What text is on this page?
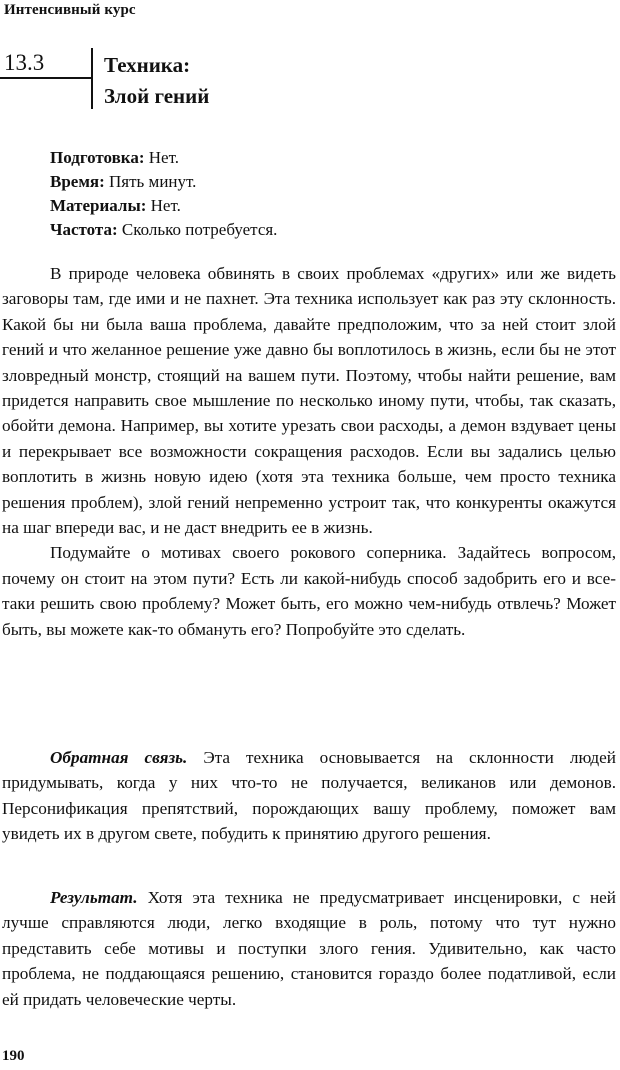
Интенсивный курс
13.3	Техника:
Злой гений
Подготовка: Нет.
Время: Пять минут.
Материалы: Нет.
Частота: Сколько потребуется.

В природе человека обвинять в своих проблемах «других» или же видеть заговоры там, где ими и не пахнет. Эта техника использует как раз эту склонность. Какой бы ни была ваша проблема, давайте предположим, что за ней стоит злой гений и что желанное решение уже давно бы воплотилось в жизнь, если бы не этот зловредный монстр, стоящий на вашем пути. Поэтому, чтобы найти решение, вам придется направить свое мышление по несколько иному пути, чтобы, так сказать, обойти демона. Например, вы хотите урезать свои расходы, а демон вздувает цены и перекрывает все возможности сокращения расходов. Если вы задались целью воплотить в жизнь новую идею (хотя эта техника больше, чем просто техника решения проблем), злой гений непременно устроит так, что конкуренты окажутся на шаг впереди вас, и не даст внедрить ее в жизнь.

Подумайте о мотивах своего рокового соперника. Задайтесь вопросом, почему он стоит на этом пути? Есть ли какой-нибудь способ задобрить его и все-таки решить свою проблему? Может быть, его можно чем-нибудь отвлечь? Может быть, вы можете как-то обмануть его? Попробуйте это сделать.

Обратная связь. Эта техника основывается на склонности людей придумывать, когда у них что-то не получается, великанов или демонов. Персонификация препятствий, порождающих вашу проблему, поможет вам увидеть их в другом свете, побудить к принятию другого решения.

Результат. Хотя эта техника не предусматривает инсценировки, с ней лучше справляются люди, легко входящие в роль, потому что тут нужно представить себе мотивы и поступки злого гения. Удивительно, как часто проблема, не поддающаяся решению, становится гораздо более податливой, если ей придать человеческие черты.

190
